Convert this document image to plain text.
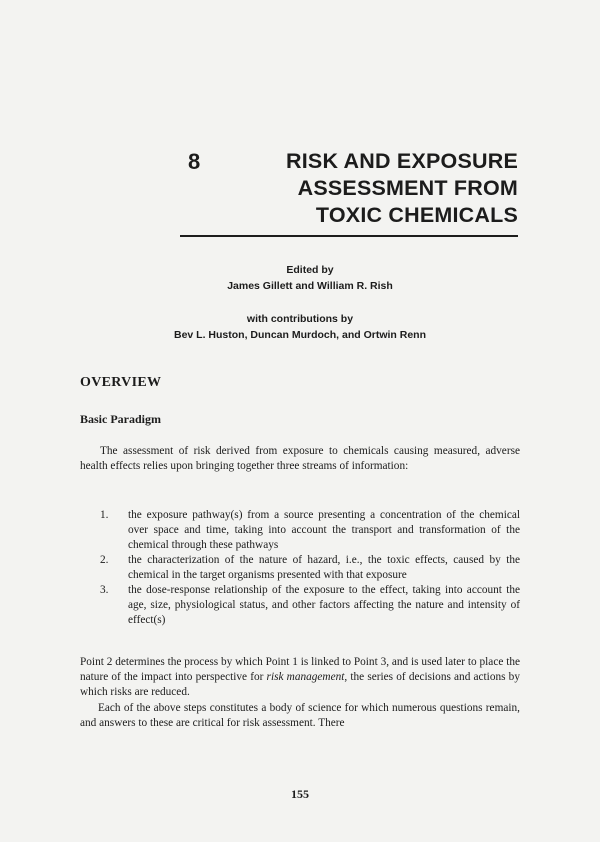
8	RISK AND EXPOSURE
ASSESSMENT FROM
TOXIC CHEMICALS
Edited by
James Gillett and William R. Rish
with contributions by
Bev L. Huston, Duncan Murdoch, and Ortwin Renn
OVERVIEW
Basic Paradigm

The assessment of risk derived from exposure to chemicals causing measured, adverse health effects relies upon bringing together three streams of information:

1. the exposure pathway(s) from a source presenting a concentration of the chemical over space and time, taking into account the transport and transformation of the chemical through these pathways
2. the characterization of the nature of hazard, i.e., the toxic effects, caused by the chemical in the target organisms presented with that exposure
3. the dose-response relationship of the exposure to the effect, taking into account the age, size, physiological status, and other factors affecting the nature and intensity of effect(s)

Point 2 determines the process by which Point 1 is linked to Point 3, and is used later to place the nature of the impact into perspective for risk management, the series of decisions and actions by which risks are reduced.

Each of the above steps constitutes a body of science for which numerous questions remain, and answers to these are critical for risk assessment. There

155
